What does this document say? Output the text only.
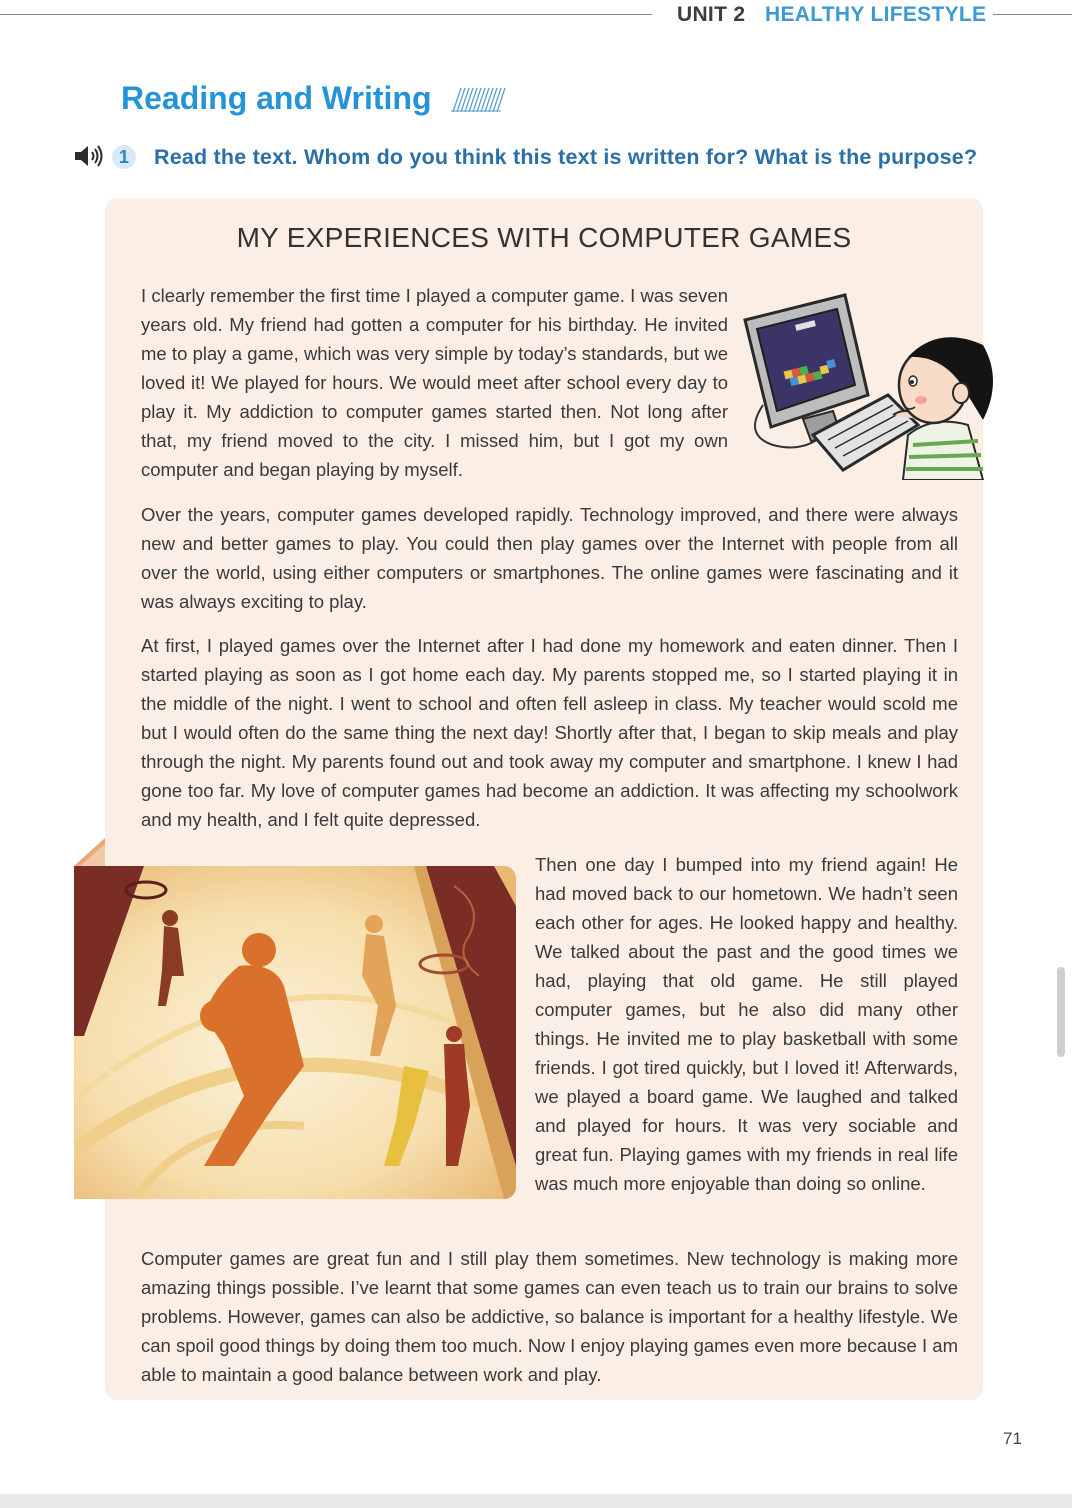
UNIT 2 HEALTHY LIFESTYLE
Reading and Writing
1	Read the text. Whom do you think this text is written for? What is the purpose?
MY EXPERIENCES WITH COMPUTER GAMES

I clearly remember the first time I played a computer game. I was seven years old. My friend had gotten a computer for his birthday. He invited me to play a game, which was very simple by today’s standards, but we loved it! We played for hours. We would meet after school every day to play it. My addiction to computer games started then. Not long after that, my friend moved to the city. I missed him, but I got my own computer and began playing by myself.

Over the years, computer games developed rapidly. Technology improved, and there were always new and better games to play. You could then play games over the Internet with people from all over the world, using either computers or smartphones. The online games were fascinating and it was always exciting to play.

At first, I played games over the Internet after I had done my homework and eaten dinner. Then I started playing as soon as I got home each day. My parents stopped me, so I started playing it in the middle of the night. I went to school and often fell asleep in class. My teacher would scold me but I would often do the same thing the next day! Shortly after that, I began to skip meals and play through the night. My parents found out and took away my computer and smartphone. I knew I had gone too far. My love of computer games had become an addiction. It was affecting my schoolwork and my health, and I felt quite depressed.

Then one day I bumped into my friend again! He had moved back to our hometown. We hadn’t seen each other for ages. He looked happy and healthy. We talked about the past and the good times we had, playing that old game. He still played computer games, but he also did many other things. He invited me to play basketball with some friends. I got tired quickly, but I loved it! Afterwards, we played a board game. We laughed and talked and played for hours. It was very sociable and great fun. Playing games with my friends in real life was much more enjoyable than doing so online.

Computer games are great fun and I still play them sometimes. New technology is making more amazing things possible. I’ve learnt that some games can even teach us to train our brains to solve problems. However, games can also be addictive, so balance is important for a healthy lifestyle. We can spoil good things by doing them too much. Now I enjoy playing games even more because I am able to maintain a good balance between work and play.

71
